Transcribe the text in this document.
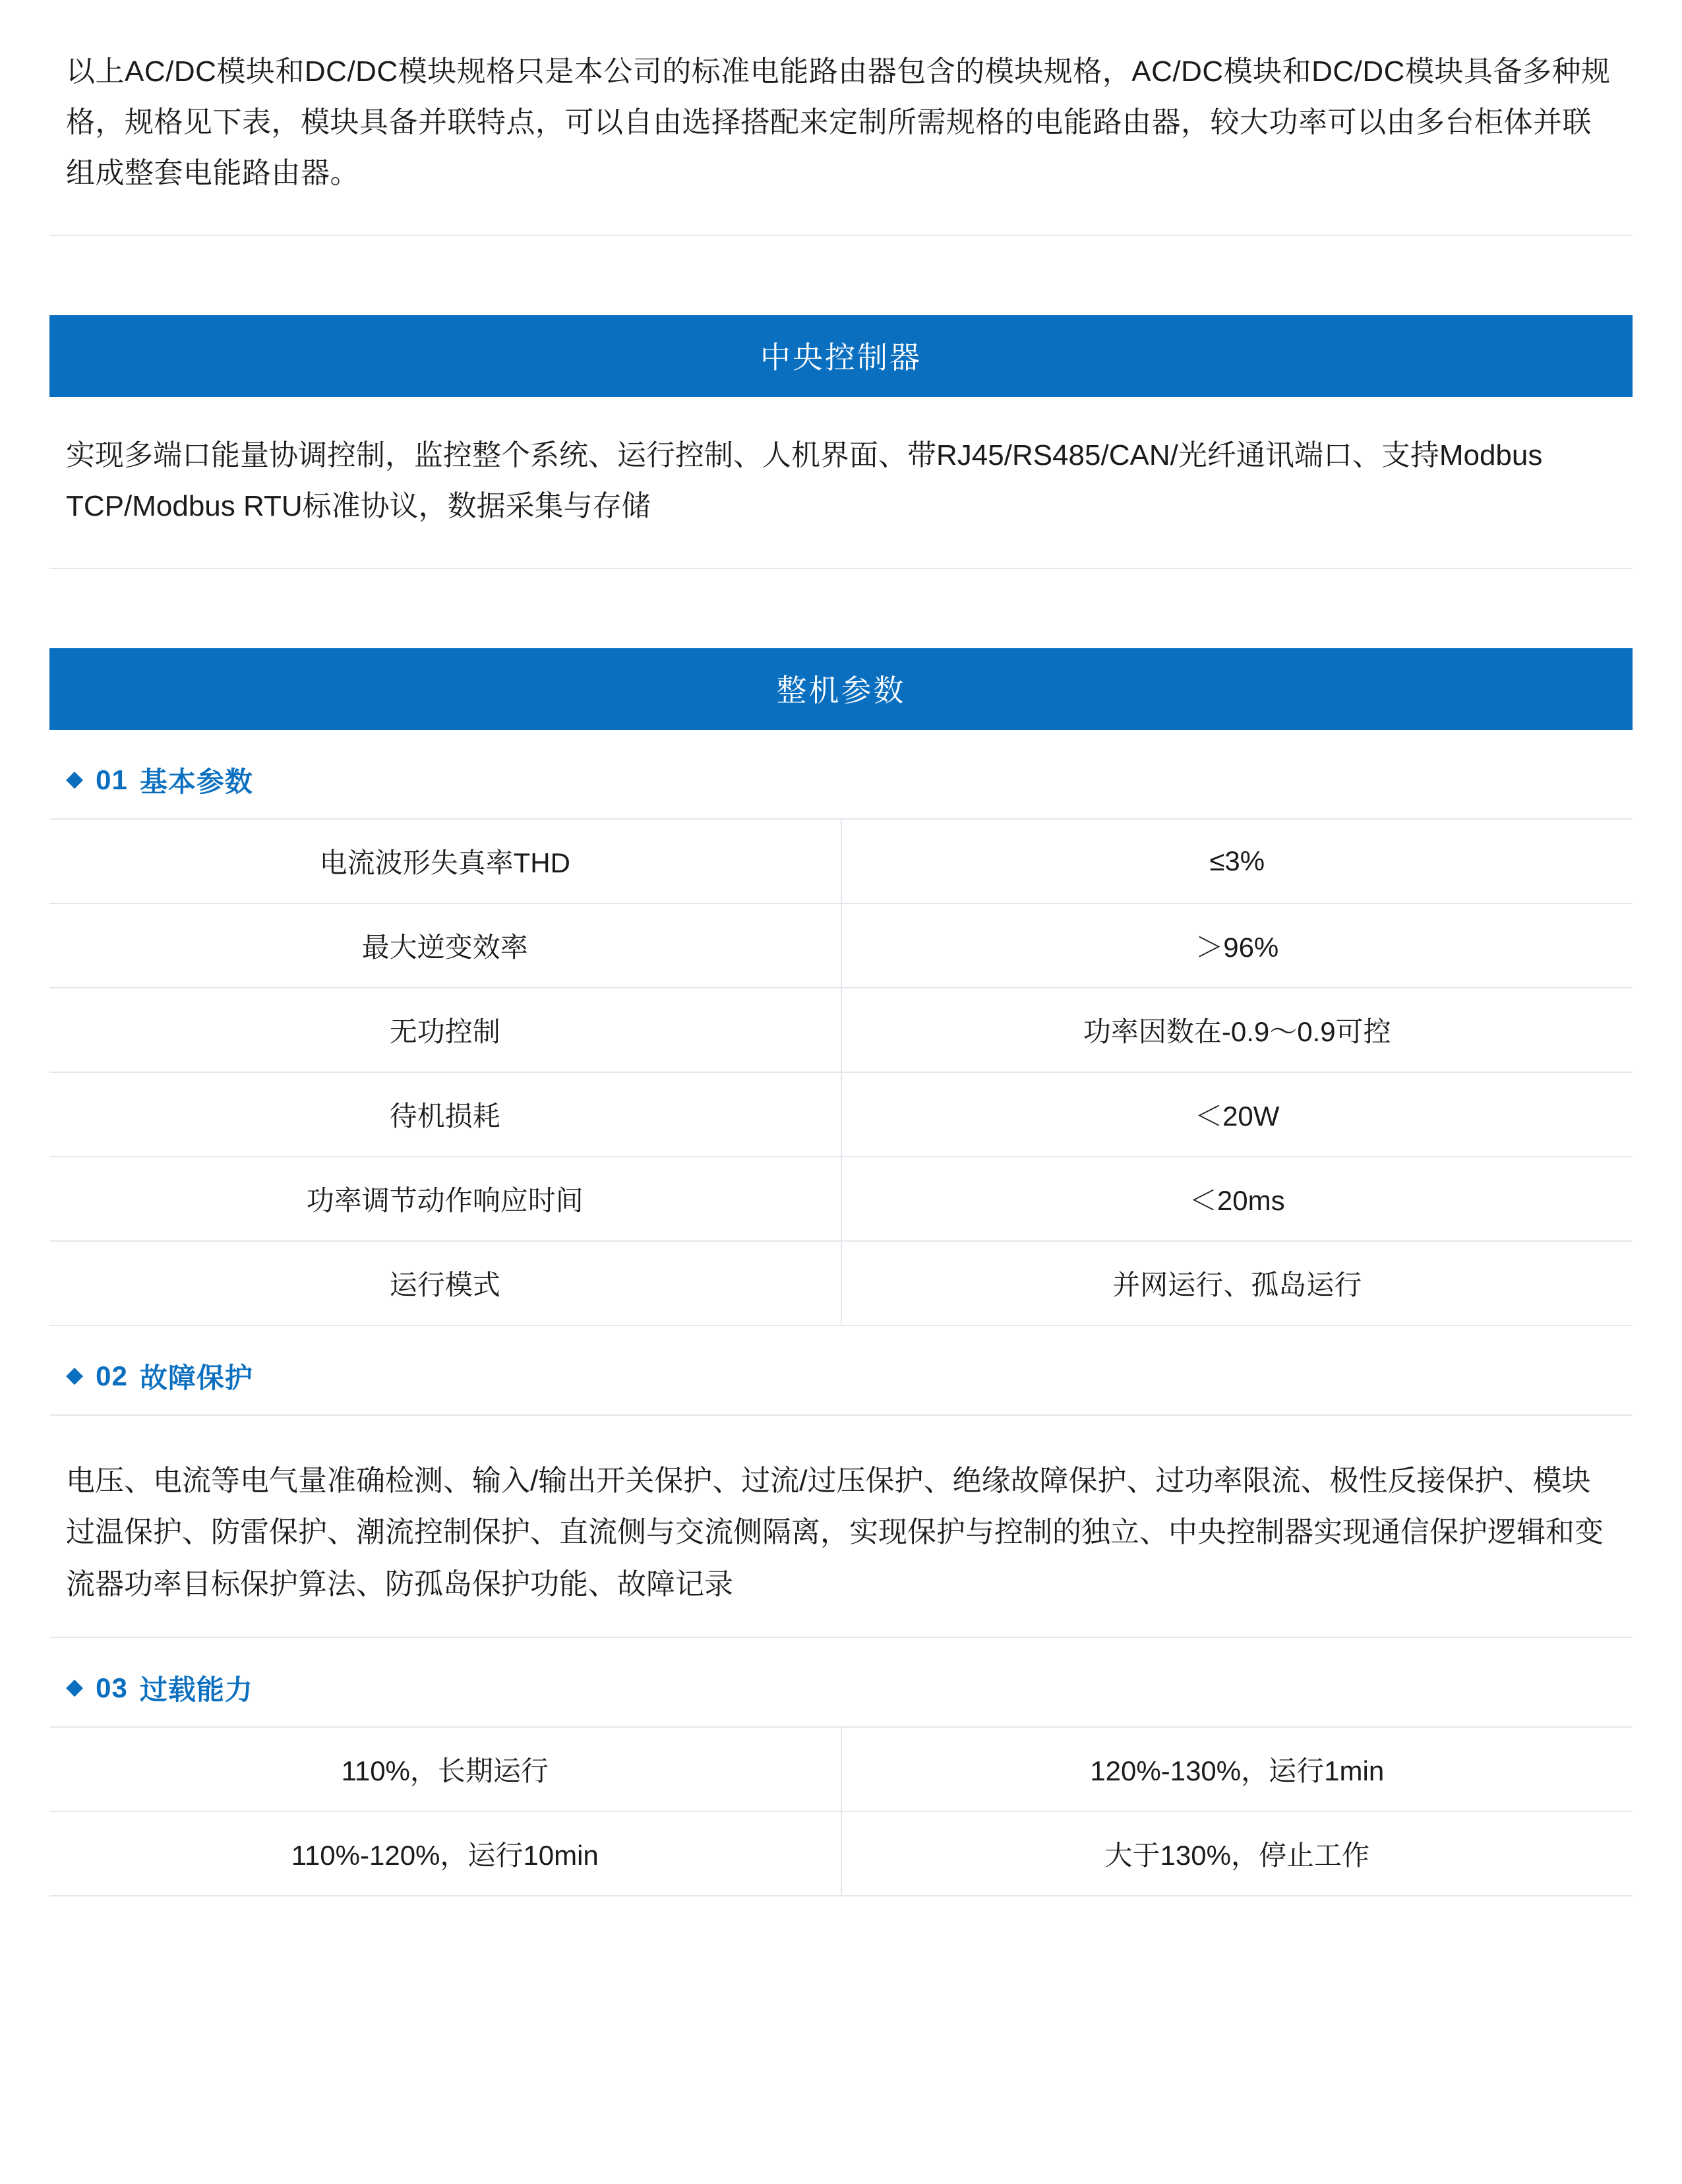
以上AC/DC模块和DC/DC模块规格只是本公司的标准电能路由器包含的模块规格，AC/DC模块和DC/DC模块具备多种规格，规格见下表，模块具备并联特点，可以自由选择搭配来定制所需规格的电能路由器，较大功率可以由多台柜体并联组成整套电能路由器。

中央控制器

实现多端口能量协调控制，监控整个系统、运行控制、人机界面、带RJ45/RS485/CAN/光纤通讯端口、支持Modbus TCP/Modbus RTU标准协议，数据采集与存储

整机参数
◆ 01 基本参数
电流波形失真率THD	≤3%
最大逆变效率	＞96%
无功控制	功率因数在-0.9～0.9可控
待机损耗	＜20W
功率调节动作响应时间	＜20ms
运行模式	并网运行、孤岛运行
◆ 02 故障保护

电压、电流等电气量准确检测、输入/输出开关保护、过流/过压保护、绝缘故障保护、过功率限流、极性反接保护、模块过温保护、防雷保护、潮流控制保护、直流侧与交流侧隔离，实现保护与控制的独立、中央控制器实现通信保护逻辑和变流器功率目标保护算法、防孤岛保护功能、故障记录

◆ 03 过载能力
110%，长期运行	120%-130%，运行1min
110%-120%，运行10min	大于130%，停止工作
